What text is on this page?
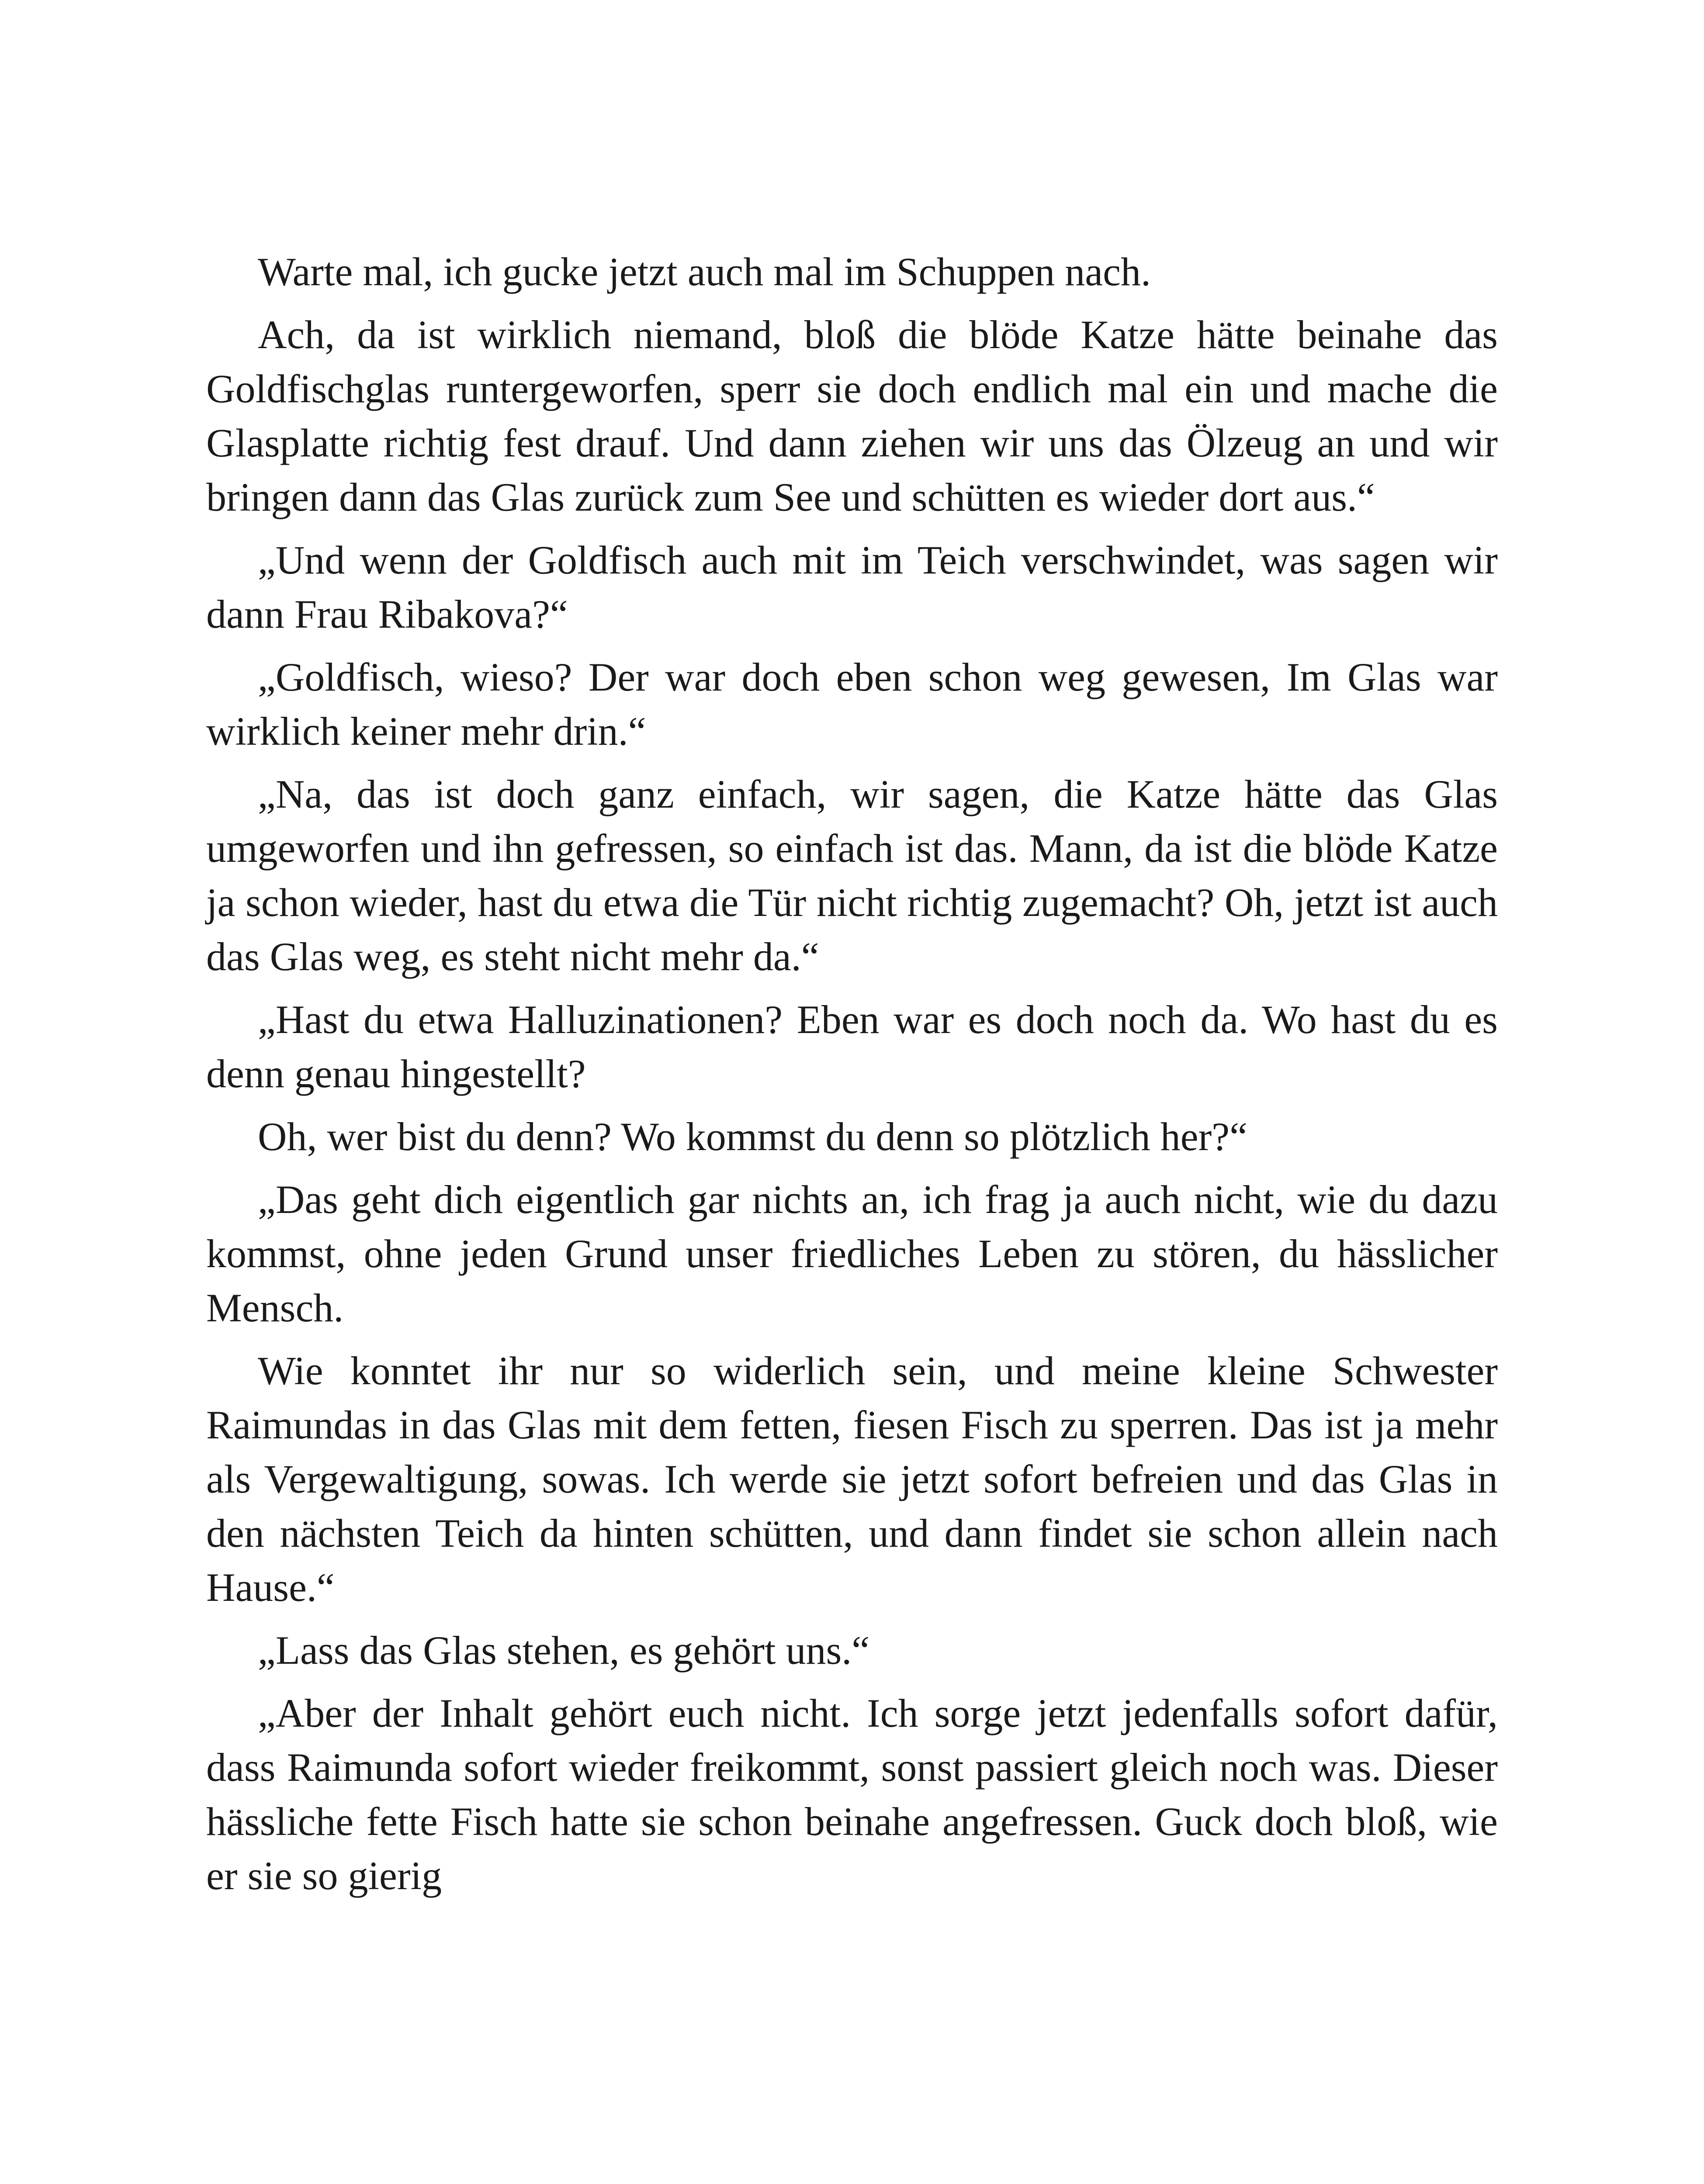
Warte mal, ich gucke jetzt auch mal im Schuppen nach.

Ach, da ist wirklich niemand, bloß die blöde Katze hätte beinahe das Goldfischglas runtergeworfen, sperr sie doch endlich mal ein und mache die Glasplatte richtig fest drauf. Und dann ziehen wir uns das Ölzeug an und wir bringen dann das Glas zurück zum See und schütten es wieder dort aus.“

„Und wenn der Goldfisch auch mit im Teich verschwindet, was sagen wir dann Frau Ribakova?“

„Goldfisch, wieso? Der war doch eben schon weg gewesen, Im Glas war wirklich keiner mehr drin.“

„Na, das ist doch ganz einfach, wir sagen, die Katze hätte das Glas umgeworfen und ihn gefressen, so einfach ist das. Mann, da ist die blöde Katze ja schon wieder, hast du etwa die Tür nicht richtig zugemacht? Oh, jetzt ist auch das Glas weg, es steht nicht mehr da.“

„Hast du etwa Halluzinationen? Eben war es doch noch da. Wo hast du es denn genau hingestellt?

Oh, wer bist du denn? Wo kommst du denn so plötzlich her?“

„Das geht dich eigentlich gar nichts an, ich frag ja auch nicht, wie du dazu kommst, ohne jeden Grund unser friedliches Leben zu stören, du hässlicher Mensch.

Wie konntet ihr nur so widerlich sein, und meine kleine Schwester Raimundas in das Glas mit dem fetten, fiesen Fisch zu sperren. Das ist ja mehr als Vergewaltigung, sowas. Ich werde sie jetzt sofort befreien und das Glas in den nächsten Teich da hinten schütten, und dann findet sie schon allein nach Hause.“

„Lass das Glas stehen, es gehört uns.“

„Aber der Inhalt gehört euch nicht. Ich sorge jetzt jedenfalls sofort dafür, dass Raimunda sofort wieder freikommt, sonst passiert gleich noch was. Dieser hässliche fette Fisch hatte sie schon beinahe angefressen. Guck doch bloß, wie er sie so gierig
